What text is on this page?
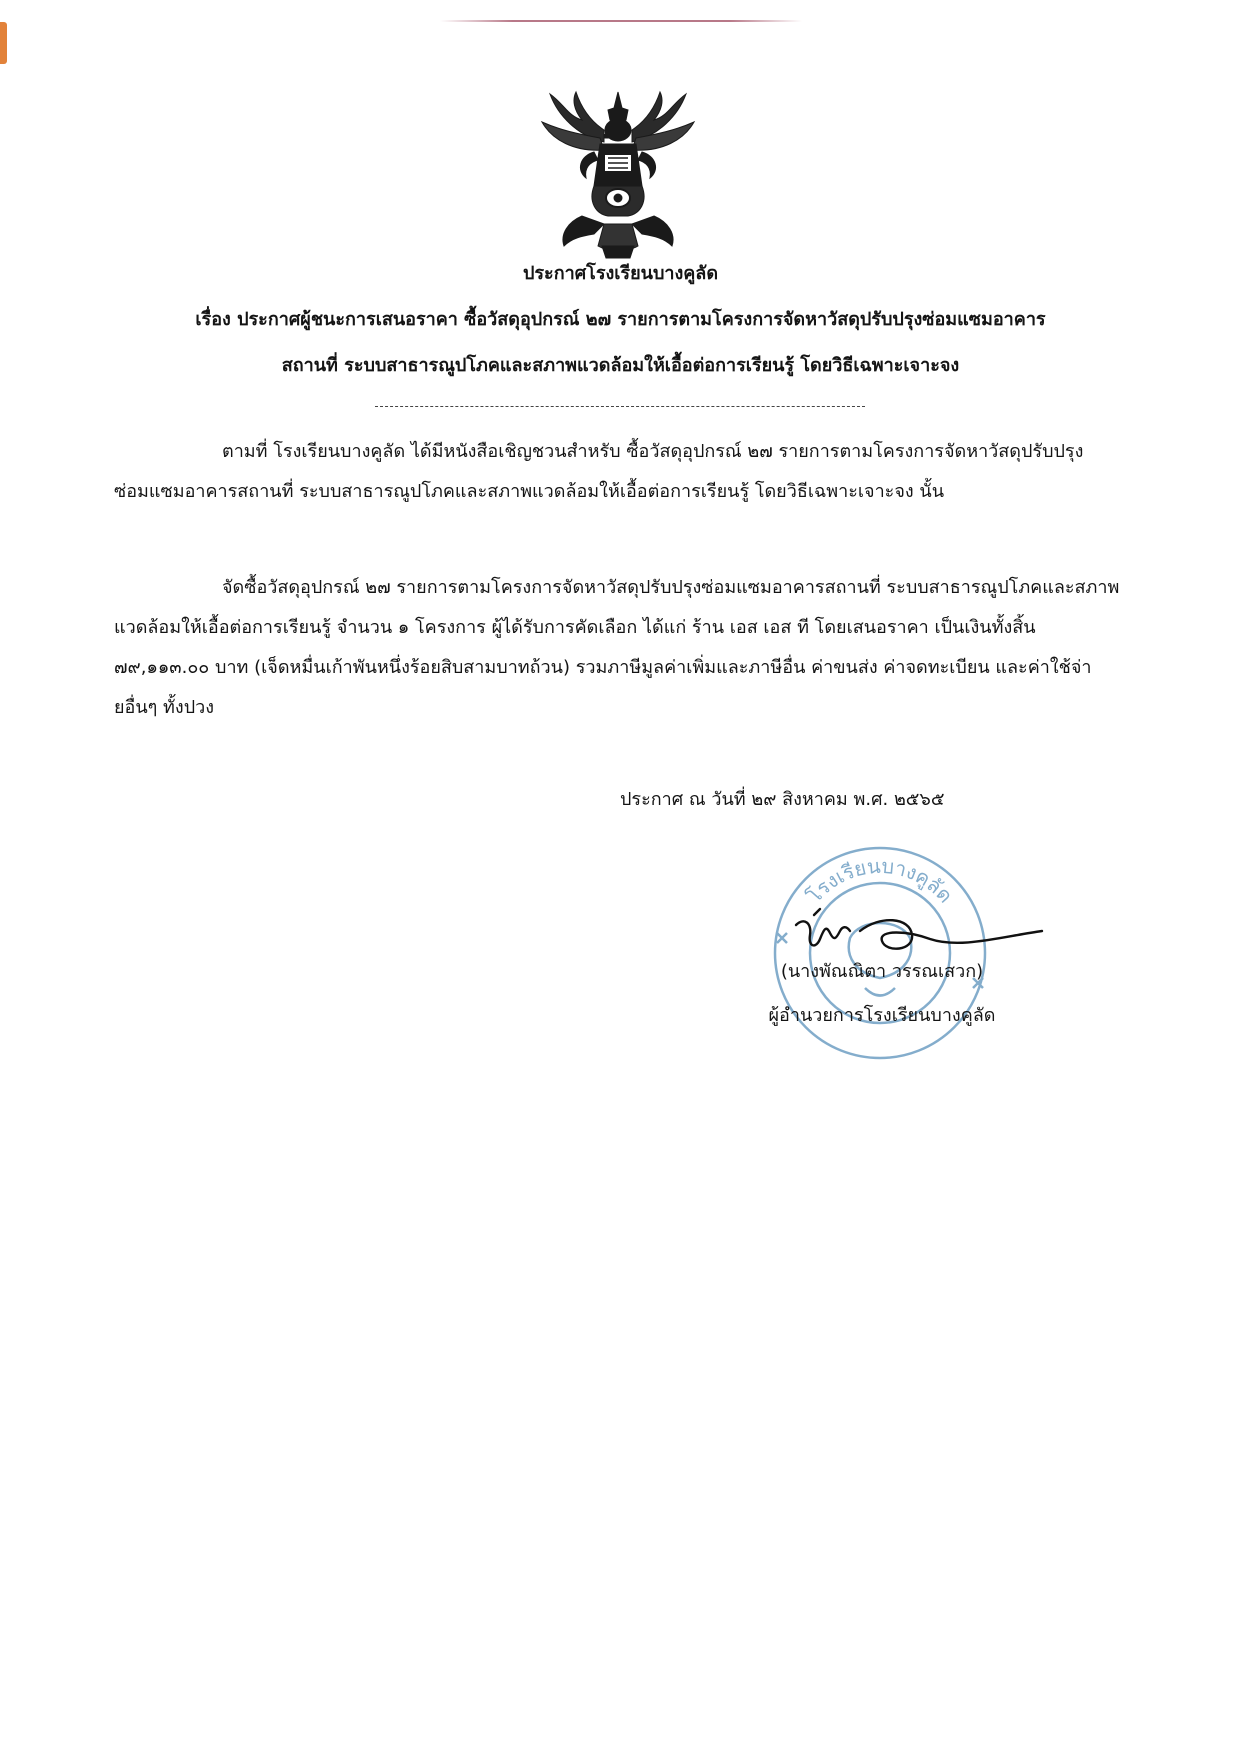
ประกาศโรงเรียนบางคูลัด
เรื่อง ประกาศผู้ชนะการเสนอราคา ซื้อวัสดุอุปกรณ์ ๒๗ รายการตามโครงการจัดหาวัสดุปรับปรุงซ่อมแซมอาคาร
สถานที่ ระบบสาธารณูปโภคและสภาพแวดล้อมให้เอื้อต่อการเรียนรู้ โดยวิธีเฉพาะเจาะจง
ตามที่ โรงเรียนบางคูลัด ได้มีหนังสือเชิญชวนสำหรับ ซื้อวัสดุอุปกรณ์ ๒๗ รายการตามโครงการจัดหาวัสดุปรับปรุงซ่อมแซมอาคารสถานที่ ระบบสาธารณูปโภคและสภาพแวดล้อมให้เอื้อต่อการเรียนรู้ โดยวิธีเฉพาะเจาะจง นั้น
จัดซื้อวัสดุอุปกรณ์ ๒๗ รายการตามโครงการจัดหาวัสดุปรับปรุงซ่อมแซมอาคารสถานที่ ระบบสาธารณูปโภคและสภาพแวดล้อมให้เอื้อต่อการเรียนรู้ จำนวน ๑ โครงการ ผู้ได้รับการคัดเลือก ได้แก่ ร้าน เอส เอส ที โดยเสนอราคา เป็นเงินทั้งสิ้น ๗๙,๑๑๓.๐๐ บาท (เจ็ดหมื่นเก้าพันหนึ่งร้อยสิบสามบาทถ้วน) รวมภาษีมูลค่าเพิ่มและภาษีอื่น ค่าขนส่ง ค่าจดทะเบียน และค่าใช้จ่ายอื่นๆ ทั้งปวง
ประกาศ ณ วันที่ ๒๙ สิงหาคม พ.ศ. ๒๕๖๕
โรงเรียนบางคูลัด
(นางพัณณิตา วรรณเสวก)
ผู้อำนวยการโรงเรียนบางคูลัด
